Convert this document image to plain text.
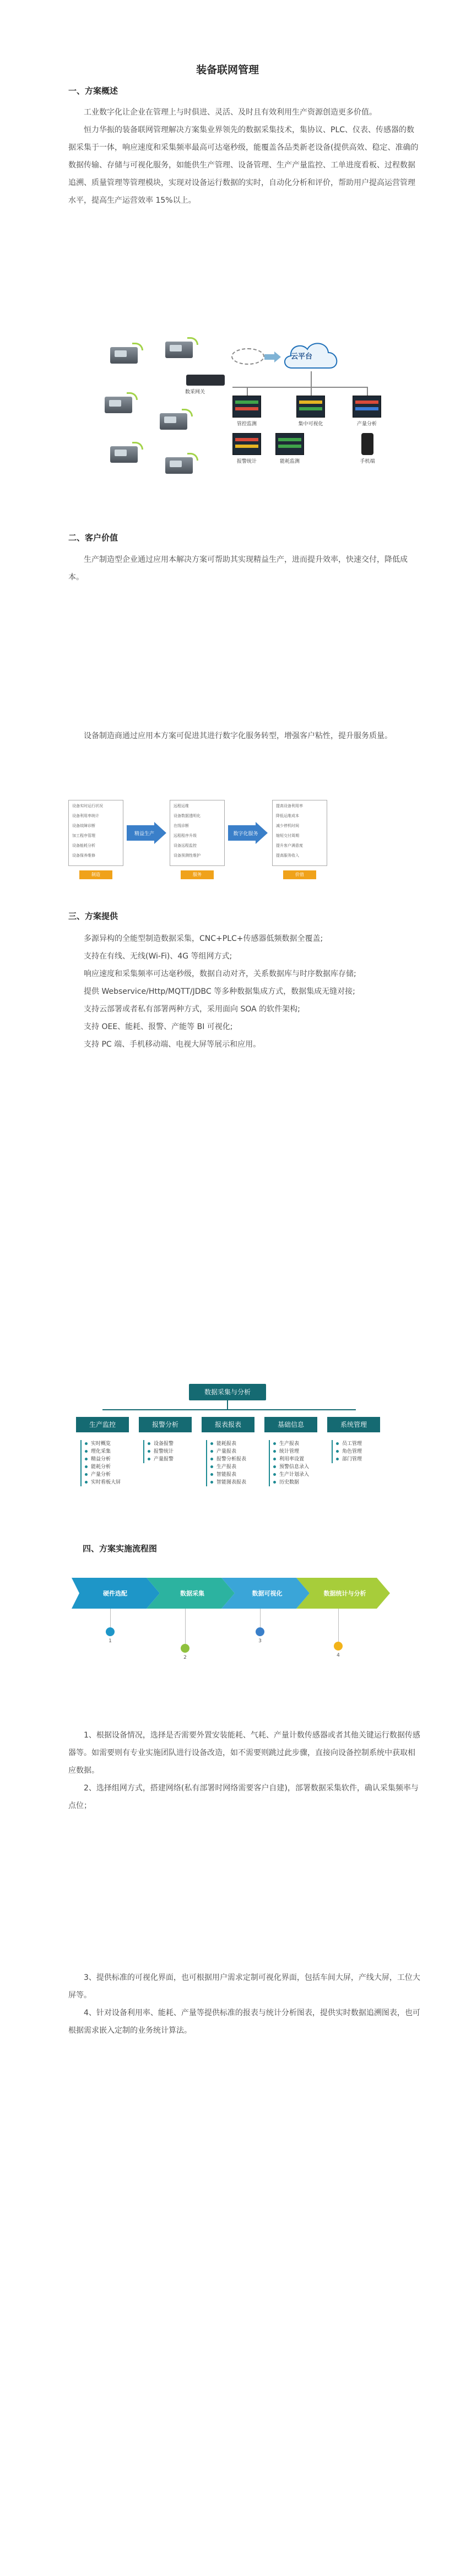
装备联网管理
一、方案概述

工业数字化让企业在管理上与时俱进、灵活、及时且有效利用生产资源创造更多价值。

恒力华振的装备联网管理解决方案集业界领先的数据采集技术，集协议、PLC、仪表、传感器的数据采集于一体，响应速度和采集频率最高可达毫秒级，能覆盖各品类新老设备(提供高效、稳定、准确的数据传输、存储与可视化服务，如能供生产管理、设备管理、生产产量监控、工单进度看板、过程数据追溯、质量管理等管理模块，实现对设备运行数据的实时，自动化分析和评价，帮助用户提高运营管理水平，提高生产运营效率 15%以上。

数采网关
云平台
管控监测	集中可视化	产量分析
报警统计	能耗监测	手机端
二、客户价值

生产制造型企业通过应用本解决方案可帮助其实现精益生产，进而提升效率，快速交付，降低成本。

设备制造商通过应用本方案可促进其进行数字化服务转型，增强客户粘性，提升服务质量。

设备实时运行状况
设备利用率统计
设备故障诊断
加工程序管理
设备能耗分析
设备保养维修
制造
精益生产
远程运维
设备数据透明化
在线诊断
远程程序升级
设备远程监控
设备预测性维护
服务
数字化服务
提高设备利用率
降低运维成本
减少停机时间
缩短交付周期
提升客户满意度
提高服务收入
价值
三、方案提供

多源异构的全能型制造数据采集，CNC+PLC+传感器低频数据全覆盖;

支持在有线、无线(Wi-Fi)、4G 等组网方式;

响应速度和采集频率可达毫秒级，数据自动对齐，关系数据库与时序数据库存储;

提供 Webservice/Http/MQTT/JDBC 等多种数据集成方式，数据集成无缝对接;

支持云部署或者私有部署两种方式，采用面向 SOA 的软件架构;

支持 OEE、能耗、报警、产能等 BI 可视化;

支持 PC 端、手机移动端、电视大屏等展示和应用。

数据采集与分析
生产监控	报警分析	报表报表	基础信息	系统管理
实时概览
理化采集
精益分析
能耗分析
产量分析
实时看板大屏
设备报警
报警统计
产量报警
能耗报表
产量报表
报警分析报表
生产报表
智能报表
智能图表报表
生产报表
统计管理
利用率设置
预警信息录入
生产计划录入
历史数据
员工管理
角色管理
部门管理
四、方案实施流程图
硬件选配	数据采集	数据可视化	数据统计与分析
1
2
3
4

1、根据设备情况，选择是否需要外置安装能耗、气耗、产量计数传感器或者其他关键运行数据传感器等。如需要则有专业实施团队进行设备改造，如不需要则跳过此步骤，直接向设备控制系统中获取相应数据。

2、选择组网方式，搭建网络(私有部署时网络需要客户自建)，部署数据采集软件，确认采集频率与点位；

3、提供标准的可视化界面，也可根据用户需求定制可视化界面，包括车间大屏，产线大屏，工位大屏等。

4、针对设备利用率、能耗、产量等提供标准的报表与统计分析图表，提供实时数据追溯图表，也可根据需求嵌入定制的业务统计算法。
